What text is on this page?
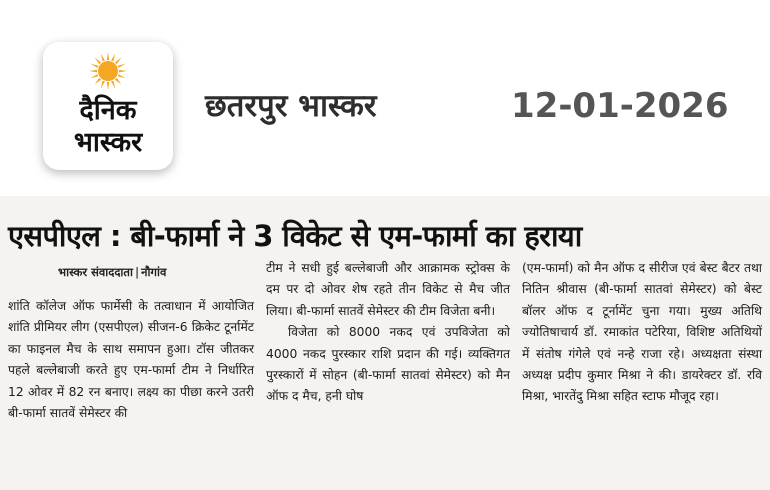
दैनिक
भास्कर
छतरपुर भास्कर	12-01-2026
एसपीएल : बी-फार्मा ने 3 विकेट से एम-फार्मा का हराया
भास्कर संवाददाता | नौगांव

शांति कॉलेज ऑफ फार्मेसी के तत्वाधान में आयोजित शांति प्रीमियर लीग (एसपीएल) सीजन-6 क्रिकेट टूर्नामेंट का फाइनल मैच के साथ समापन हुआ। टॉस जीतकर पहले बल्लेबाजी करते हुए एम-फार्मा टीम ने निर्धारित 12 ओवर में 82 रन बनाए। लक्ष्य का पीछा करने उतरी बी-फार्मा सातवें सेमेस्टर की

टीम ने सधी हुई बल्लेबाजी और आक्रामक स्ट्रोक्स के दम पर दो ओवर शेष रहते तीन विकेट से मैच जीत लिया। बी-फार्मा सातवें सेमेस्टर की टीम विजेता बनी।

विजेता को 8000 नकद एवं उपविजेता को 4000 नकद पुरस्कार राशि प्रदान की गई। व्यक्तिगत पुरस्कारों में सोहन (बी-फार्मा सातवां सेमेस्टर) को मैन ऑफ द मैच, हनी घोष

(एम-फार्मा) को मैन ऑफ द सीरीज एवं बेस्ट बैटर तथा नितिन श्रीवास (बी-फार्मा सातवां सेमेस्टर) को बेस्ट बॉलर ऑफ द टूर्नामेंट चुना गया। मुख्य अतिथि ज्योतिषाचार्य डॉ. रमाकांत पटेरिया, विशिष्ट अतिथियों में संतोष गंगेले एवं नन्हे राजा रहे। अध्यक्षता संस्था अध्यक्ष प्रदीप कुमार मिश्रा ने की। डायरेक्टर डॉ. रवि मिश्रा, भारतेंदु मिश्रा सहित स्टाफ मौजूद रहा।
